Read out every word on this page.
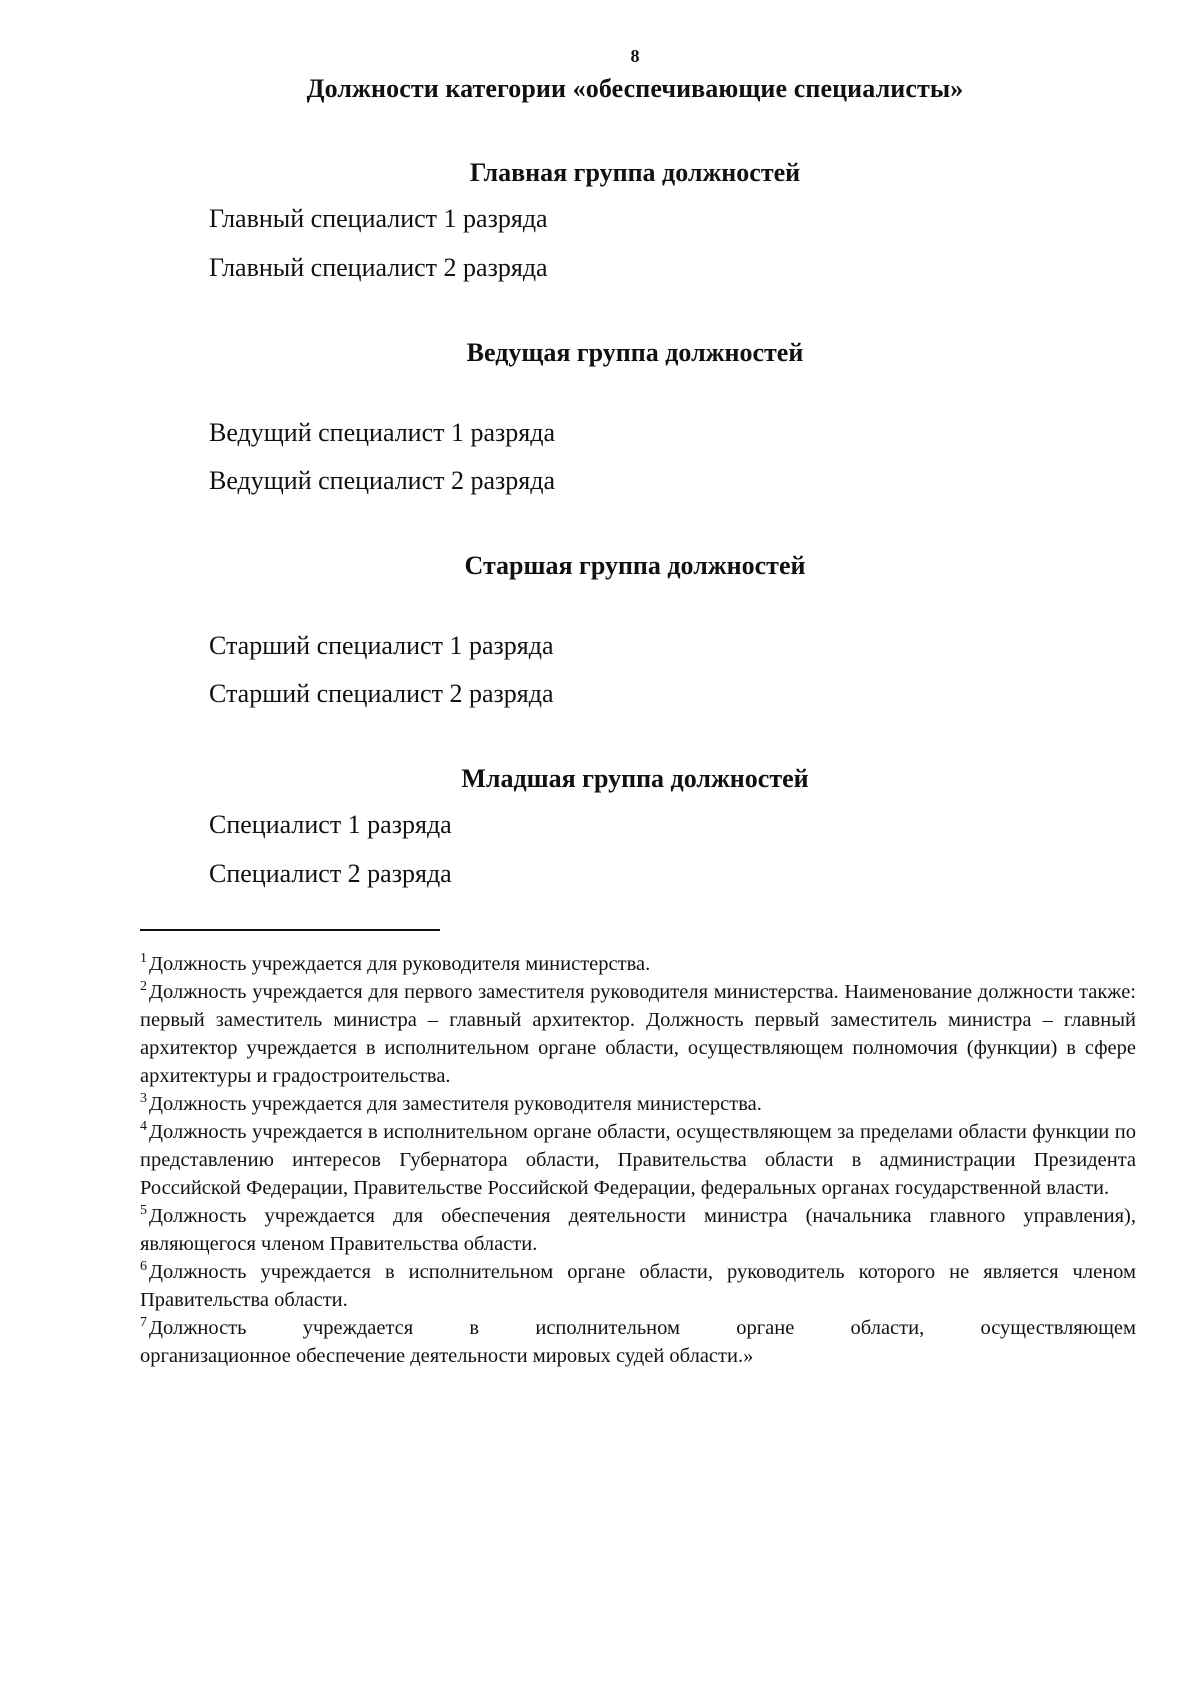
8
Должности категории «обеспечивающие специалисты»
Главная группа должностей
Главный специалист 1 разряда
Главный специалист 2 разряда
Ведущая группа должностей
Ведущий специалист 1 разряда
Ведущий специалист 2 разряда
Старшая группа должностей
Старший специалист 1 разряда
Старший специалист 2 разряда
Младшая группа должностей
Специалист 1 разряда
Специалист 2 разряда

$^1$Должность учреждается для руководителя министерства.

$^2$Должность учреждается для первого заместителя руководителя министерства. Наименование должности также: первый заместитель министра – главный архитектор. Должность первый заместитель министра – главный архитектор учреждается в исполнительном органе области, осуществляющем полномочия (функции) в сфере архитектуры и градостроительства.

$^3$Должность учреждается для заместителя руководителя министерства.

$^4$Должность учреждается в исполнительном органе области, осуществляющем за пределами области функции по представлению интересов Губернатора области, Правительства области в администрации Президента Российской Федерации, Правительстве Российской Федерации, федеральных органах государственной власти.

$^5$Должность учреждается для обеспечения деятельности министра (начальника главного управления), являющегося членом Правительства области.

$^6$Должность учреждается в исполнительном органе области, руководитель которого не является членом Правительства области.

$^7$Должность учреждается в исполнительном органе области, осуществляющем

организационное обеспечение деятельности мировых судей области.»
